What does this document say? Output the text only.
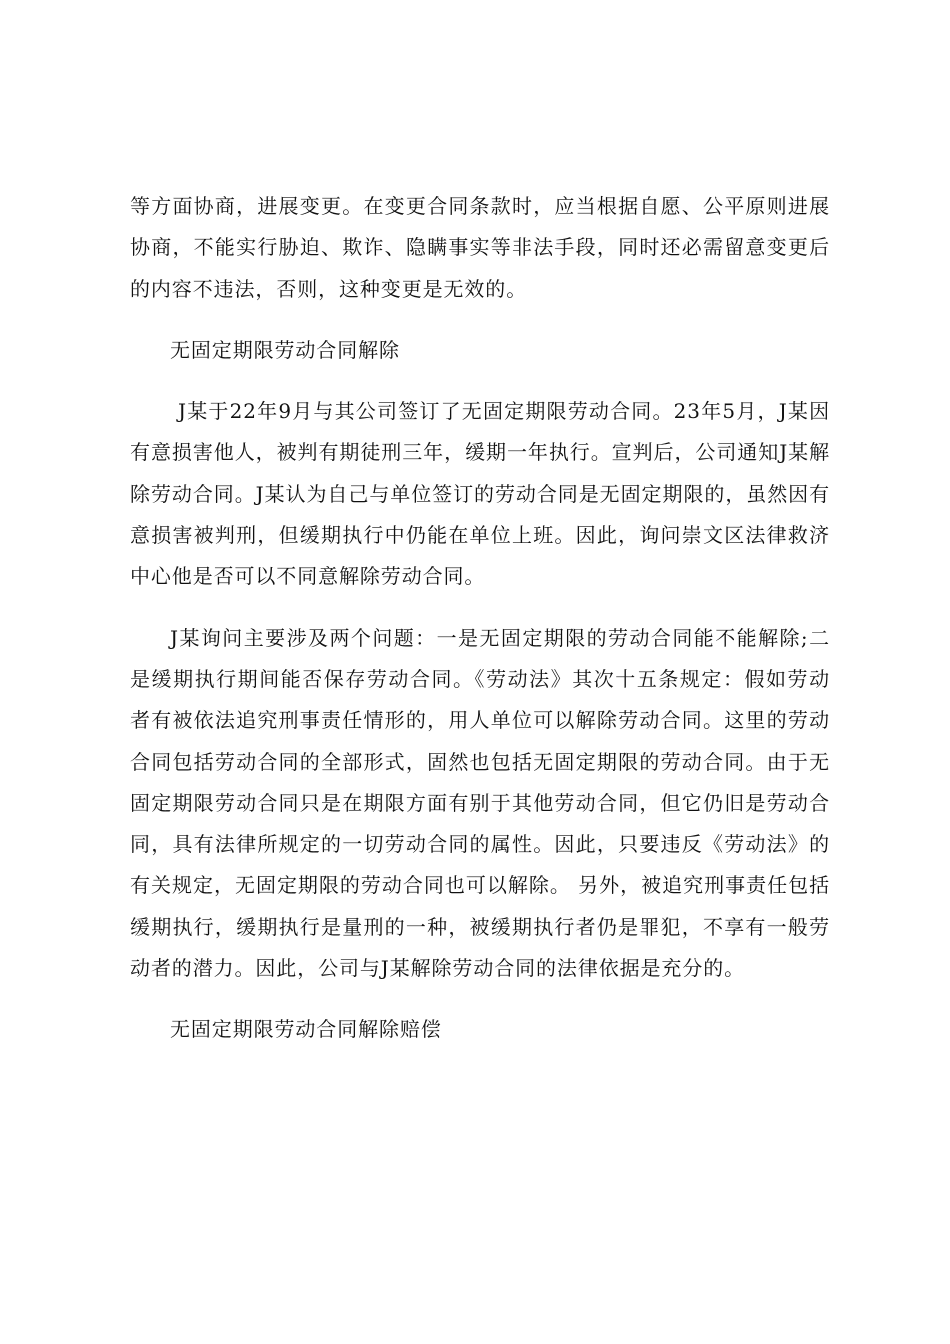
等方面协商，进展变更。在变更合同条款时，应当根据自愿、公平原则进展协商，不能实行胁迫、欺诈、隐瞒事实等非法手段，同时还必需留意变更后的内容不违法，否则，这种变更是无效的。

无固定期限劳动合同解除

J某于22年9月与其公司签订了无固定期限劳动合同。23年5月，J某因有意损害他人，被判有期徒刑三年，缓期一年执行。宣判后，公司通知J某解除劳动合同。J某认为自己与单位签订的劳动合同是无固定期限的，虽然因有意损害被判刑，但缓期执行中仍能在单位上班。因此，询问崇文区法律救济中心他是否可以不同意解除劳动合同。

J某询问主要涉及两个问题：一是无固定期限的劳动合同能不能解除;二是缓期执行期间能否保存劳动合同。《劳动法》其次十五条规定：假如劳动者有被依法追究刑事责任情形的，用人单位可以解除劳动合同。这里的劳动合同包括劳动合同的全部形式，固然也包括无固定期限的劳动合同。由于无固定期限劳动合同只是在期限方面有别于其他劳动合同，但它仍旧是劳动合同，具有法律所规定的一切劳动合同的属性。因此，只要违反《劳动法》的有关规定，无固定期限的劳动合同也可以解除。 另外，被追究刑事责任包括缓期执行，缓期执行是量刑的一种，被缓期执行者仍是罪犯，不享有一般劳动者的潜力。因此，公司与J某解除劳动合同的法律依据是充分的。

无固定期限劳动合同解除赔偿
